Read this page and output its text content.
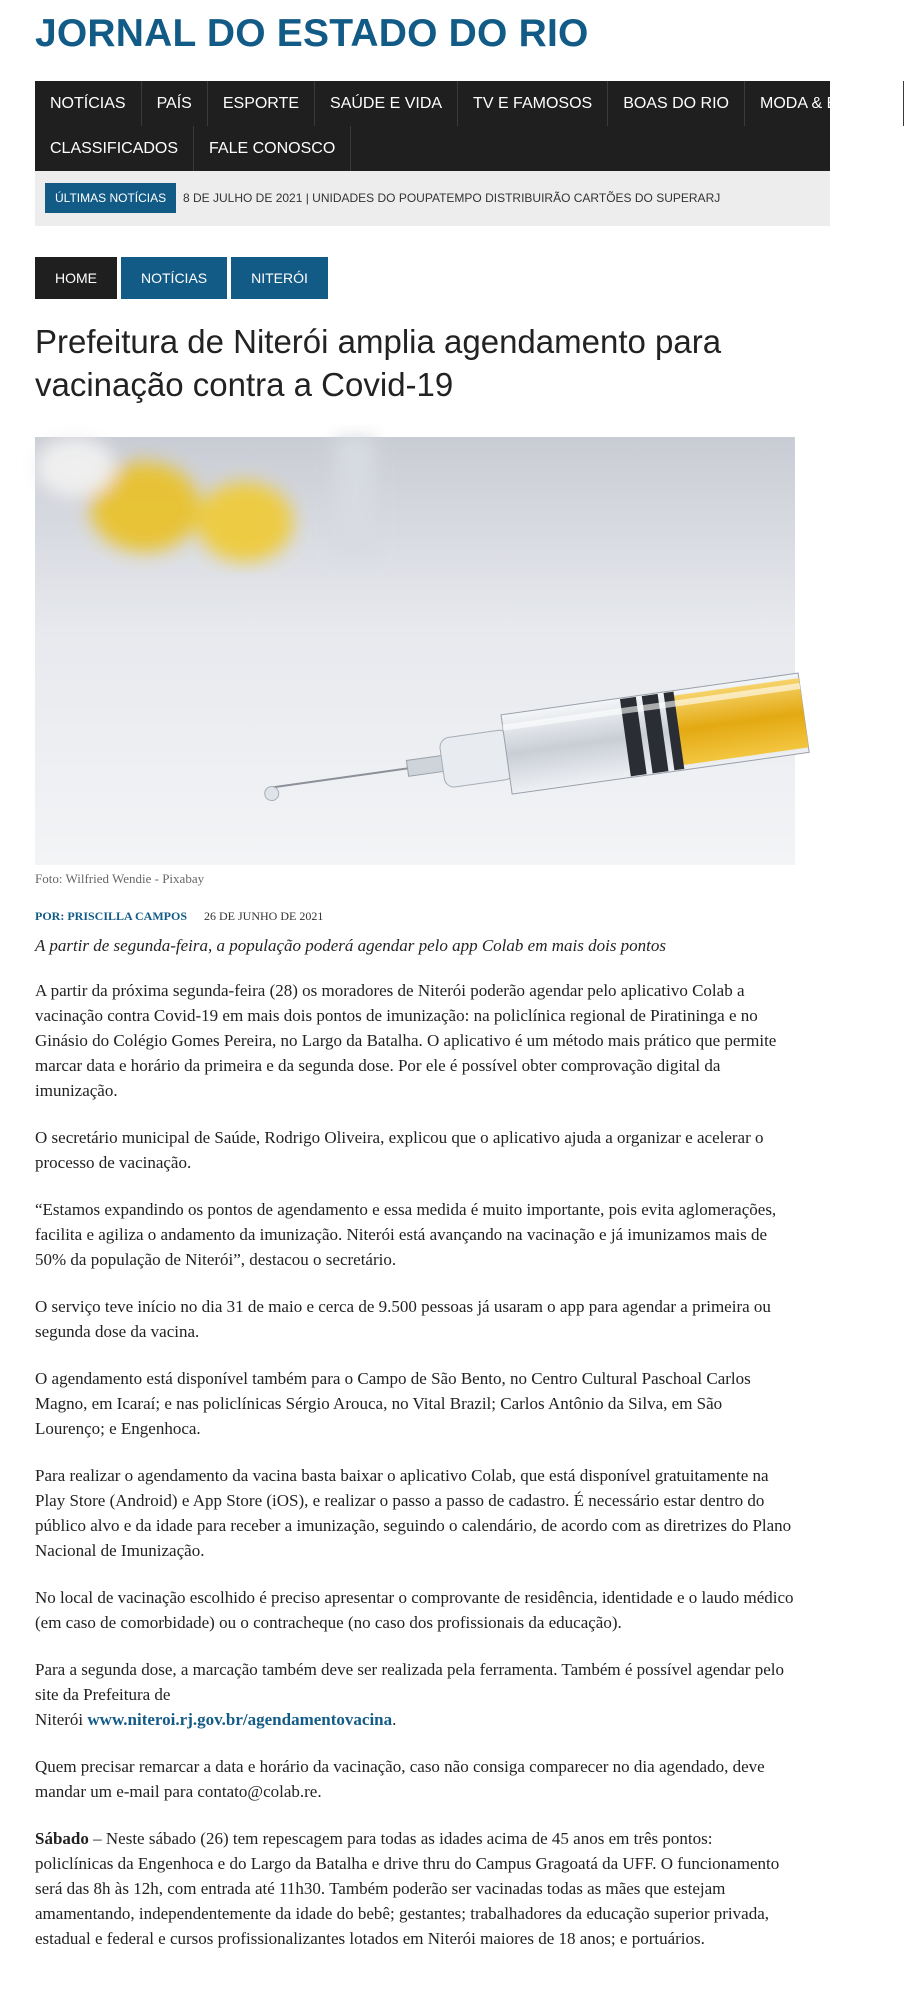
JORNAL DO ESTADO DO RIO
NOTÍCIAS	PAÍS	ESPORTE	SAÚDE E VIDA	TV E FAMOSOS	BOAS DO RIO	MODA & BELEZA
CLASSIFICADOS	FALE CONOSCO
ÚLTIMAS NOTÍCIAS	8 DE JULHO DE 2021 | UNIDADES DO POUPATEMPO DISTRIBUIRÃO CARTÕES DO SUPERARJ
HOME	NOTÍCIAS	NITERÓI
Prefeitura de Niterói amplia agendamento para vacinação contra a Covid-19
Foto: Wilfried Wendie - Pixabay
POR: PRISCILLA CAMPOS 26 DE JUNHO DE 2021
A partir de segunda-feira, a população poderá agendar pelo app Colab em mais dois pontos

A partir da próxima segunda-feira (28) os moradores de Niterói poderão agendar pelo aplicativo Colab a vacinação contra Covid-19 em mais dois pontos de imunização: na policlínica regional de Piratininga e no Ginásio do Colégio Gomes Pereira, no Largo da Batalha. O aplicativo é um método mais prático que permite marcar data e horário da primeira e da segunda dose. Por ele é possível obter comprovação digital da imunização.

O secretário municipal de Saúde, Rodrigo Oliveira, explicou que o aplicativo ajuda a organizar e acelerar o processo de vacinação.

“Estamos expandindo os pontos de agendamento e essa medida é muito importante, pois evita aglomerações, facilita e agiliza o andamento da imunização. Niterói está avançando na vacinação e já imunizamos mais de 50% da população de Niterói”, destacou o secretário.

O serviço teve início no dia 31 de maio e cerca de 9.500 pessoas já usaram o app para agendar a primeira ou segunda dose da vacina.

O agendamento está disponível também para o Campo de São Bento, no Centro Cultural Paschoal Carlos Magno, em Icaraí; e nas policlínicas Sérgio Arouca, no Vital Brazil; Carlos Antônio da Silva, em São Lourenço; e Engenhoca.

Para realizar o agendamento da vacina basta baixar o aplicativo Colab, que está disponível gratuitamente na Play Store (Android) e App Store (iOS), e realizar o passo a passo de cadastro. É necessário estar dentro do público alvo e da idade para receber a imunização, seguindo o calendário, de acordo com as diretrizes do Plano Nacional de Imunização.

No local de vacinação escolhido é preciso apresentar o comprovante de residência, identidade e o laudo médico (em caso de comorbidade) ou o contracheque (no caso dos profissionais da educação).

Para a segunda dose, a marcação também deve ser realizada pela ferramenta. Também é possível agendar pelo site da Prefeitura de
Niterói www.niteroi.rj.gov.br/agendamentovacina.

Quem precisar remarcar a data e horário da vacinação, caso não consiga comparecer no dia agendado, deve mandar um e-mail para contato@colab.re.

Sábado – Neste sábado (26) tem repescagem para todas as idades acima de 45 anos em três pontos: policlínicas da Engenhoca e do Largo da Batalha e drive thru do Campus Gragoatá da UFF. O funcionamento será das 8h às 12h, com entrada até 11h30. Também poderão ser vacinadas todas as mães que estejam amamentando, independentemente da idade do bebê; gestantes; trabalhadores da educação superior privada, estadual e federal e cursos profissionalizantes lotados em Niterói maiores de 18 anos; e portuários.
